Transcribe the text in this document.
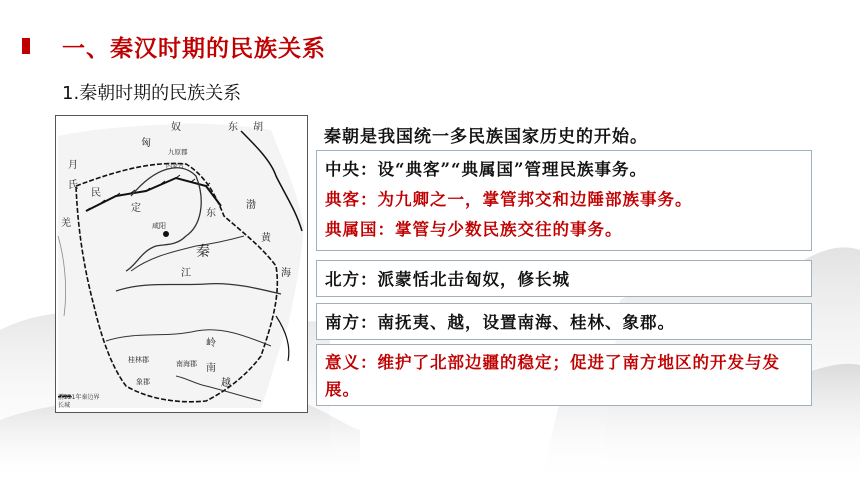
一、秦汉时期的民族关系

1.秦朝时期的民族关系

东 胡
匈
奴
九原郡
内蒙古
月
氏
民
羌	咸阳
秦
江	海
渤
黄
东
定
岭
南海郡
桂林郡
象郡
南
越
前221年秦边界
长城

秦朝是我国统一多民族国家历史的开始。

中央：设“典客”“典属国”管理民族事务。

典客：为九卿之一，掌管邦交和边陲部族事务。

典属国：掌管与少数民族交往的事务。

北方：派蒙恬北击匈奴，修长城

南方：南抚夷、越，设置南海、桂林、象郡。

意义：维护了北部边疆的稳定；促进了南方地区的开发与发展。
